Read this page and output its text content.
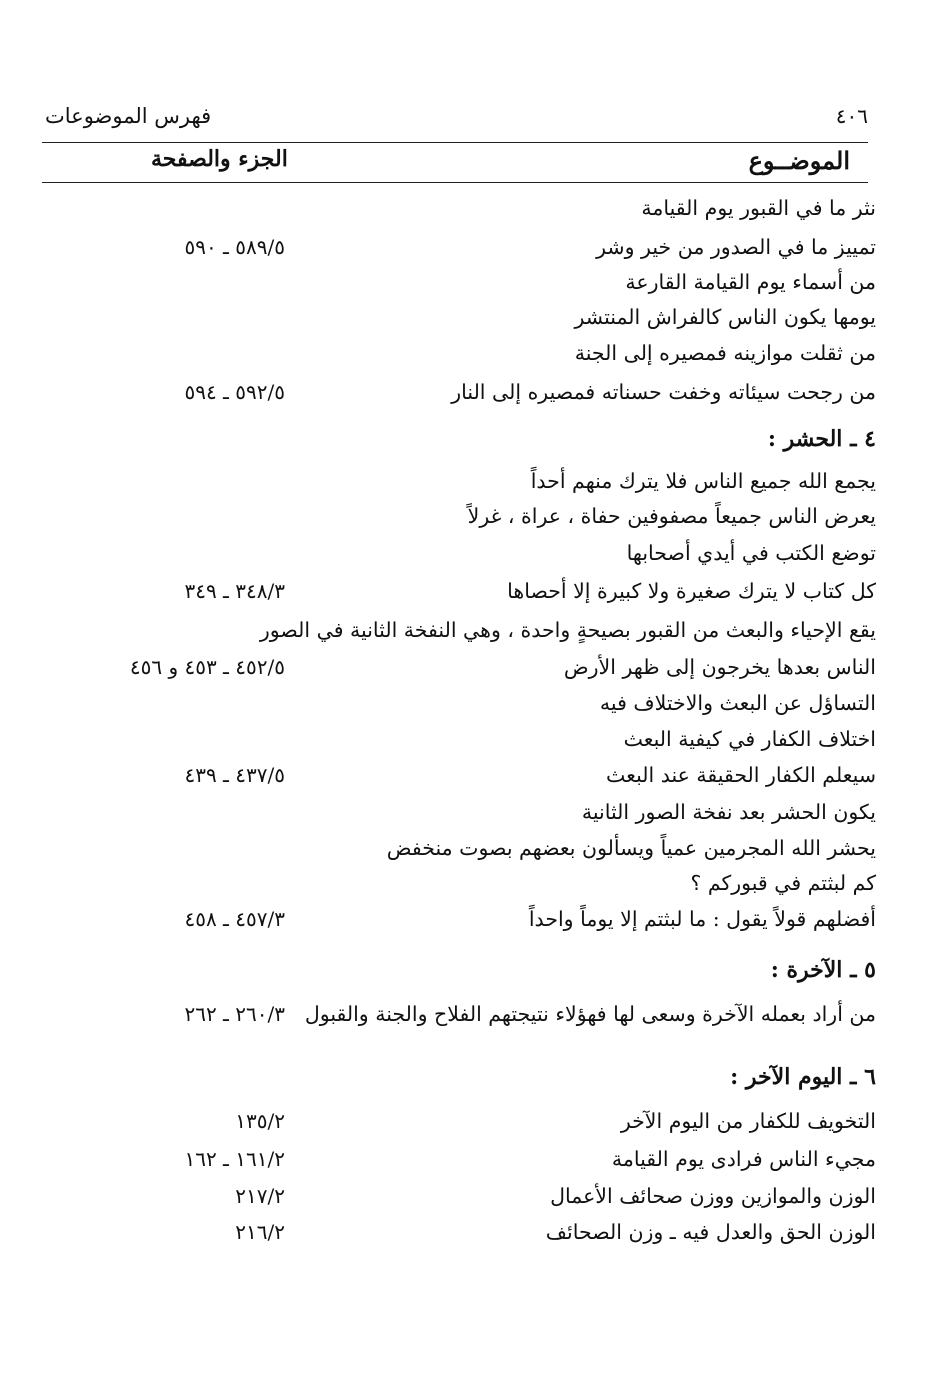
٤٠٦
فهرس الموضوعات
الموضــوع
الجزء والصفحة
نثر ما في القبور يوم القيامة
تمييز ما في الصدور من خير وشر
٥٨٩/٥ ـ ٥٩٠
من أسماء يوم القيامة القارعة
يومها يكون الناس كالفراش المنتشر
من ثقلت موازينه فمصيره إلى الجنة
من رجحت سيئاته وخفت حسناته فمصيره إلى النار
٥٩٢/٥ ـ ٥٩٤
٤ ـ الحشر :
يجمع الله جميع الناس فلا يترك منهم أحداً
يعرض الناس جميعاً مصفوفين حفاة ، عراة ، غرلاً
توضع الكتب في أيدي أصحابها
كل كتاب لا يترك صغيرة ولا كبيرة إلا أحصاها
٣٤٨/٣ ـ ٣٤٩
يقع الإحياء والبعث من القبور بصيحةٍ واحدة ، وهي النفخة الثانية في الصور
الناس بعدها يخرجون إلى ظهر الأرض
٤٥٢/٥ ـ ٤٥٣ و ٤٥٦
التساؤل عن البعث والاختلاف فيه
اختلاف الكفار في كيفية البعث
سيعلم الكفار الحقيقة عند البعث
٤٣٧/٥ ـ ٤٣٩
يكون الحشر بعد نفخة الصور الثانية
يحشر الله المجرمين عمياً ويسألون بعضهم بصوت منخفض
كم لبثتم في قبوركم ؟
أفضلهم قولاً يقول : ما لبثتم إلا يوماً واحداً
٤٥٧/٣ ـ ٤٥٨
٥ ـ الآخرة :
من أراد بعمله الآخرة وسعى لها فهؤلاء نتيجتهم الفلاح والجنة والقبول
٢٦٠/٣ ـ ٢٦٢
٦ ـ اليوم الآخر :
التخويف للكفار من اليوم الآخر
١٣٥/٢
مجيء الناس فرادى يوم القيامة
١٦١/٢ ـ ١٦٢
الوزن والموازين ووزن صحائف الأعمال
٢١٧/٢
الوزن الحق والعدل فيه ـ وزن الصحائف
٢١٦/٢
